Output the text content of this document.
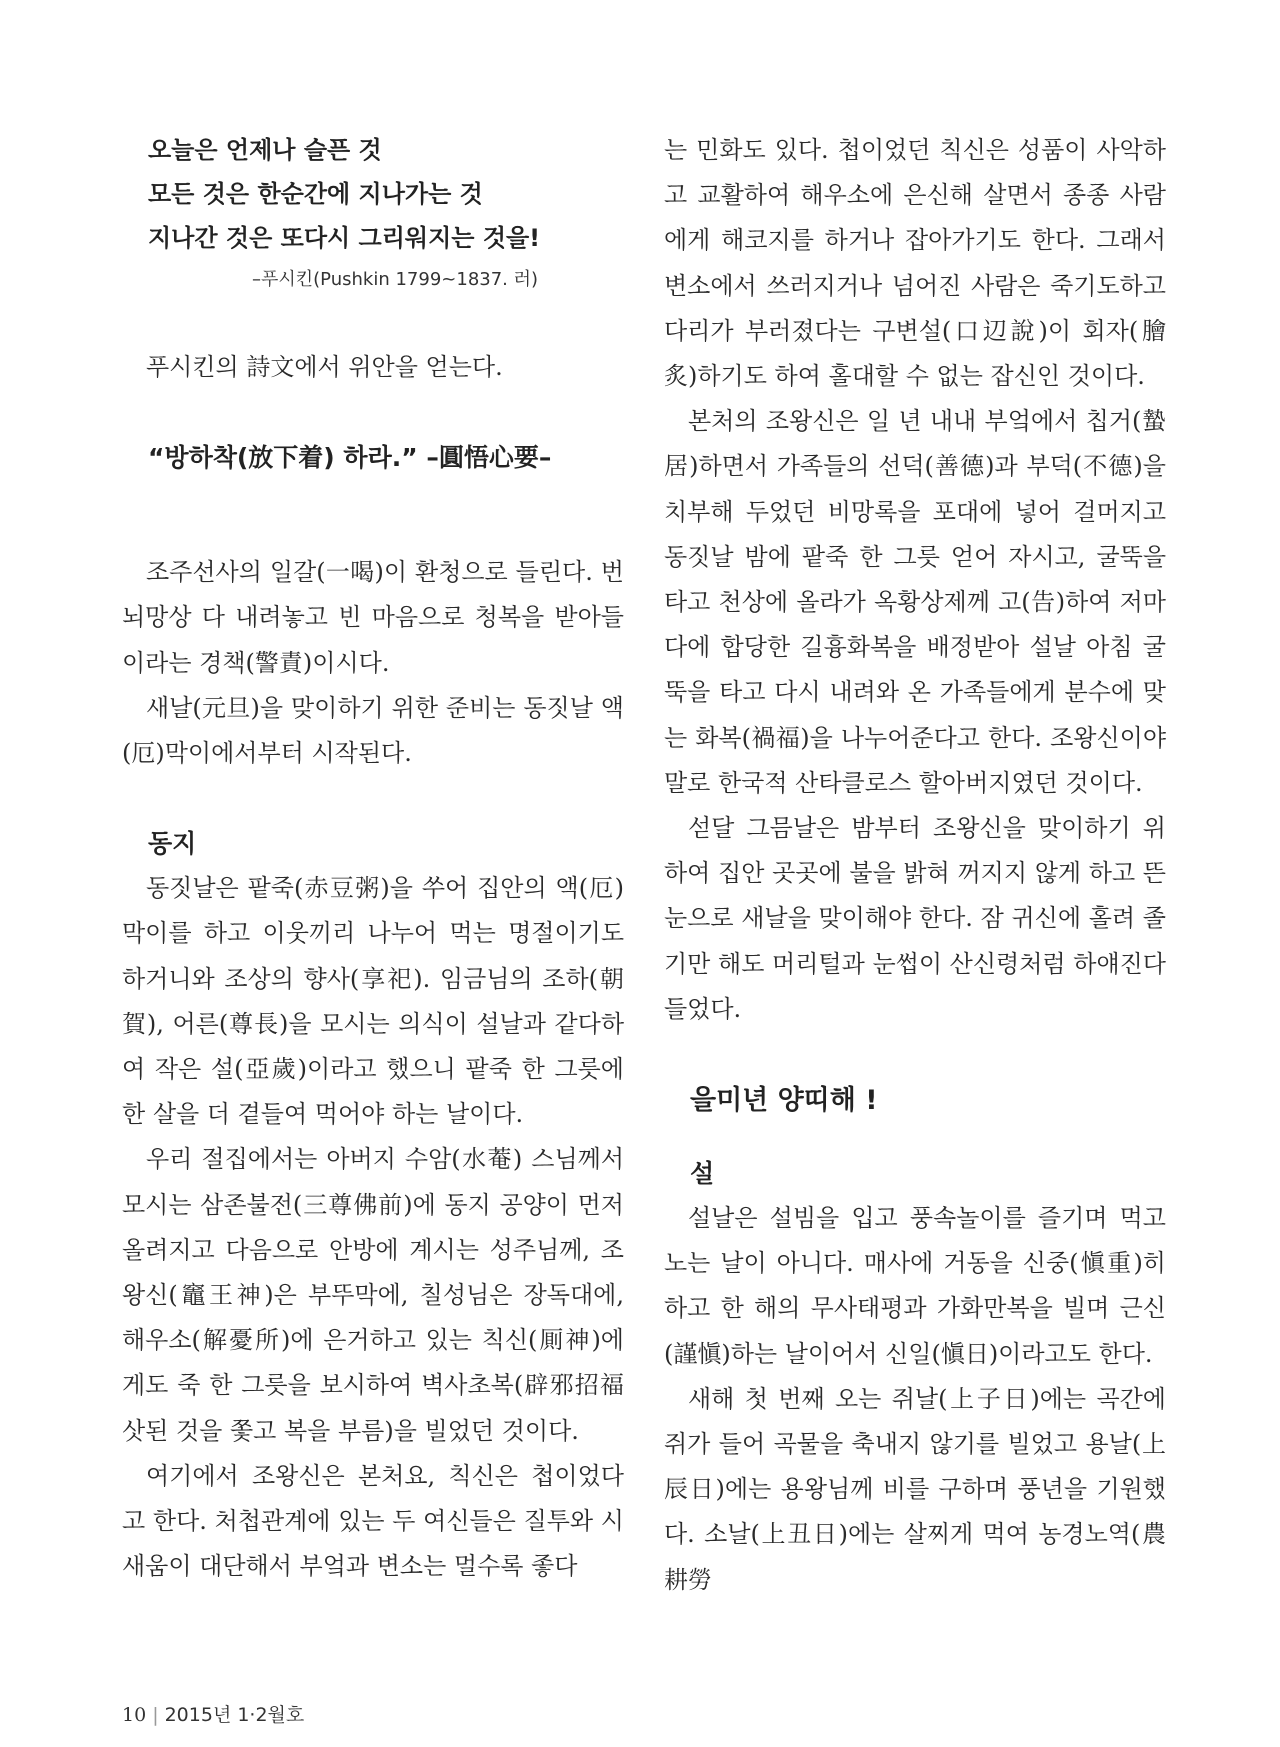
오늘은 언제나 슬픈 것
모든 것은 한순간에 지나가는 것
지나간 것은 또다시 그리워지는 것을!
–푸시킨(Pushkin 1799~1837. 러)
푸시킨의 詩文에서 위안을 얻는다.
“방하착(放下着) 하라.” –圓悟心要–
조주선사의 일갈(一喝)이 환청으로 들린다. 번뇌망상 다 내려놓고 빈 마음으로 청복을 받아들이라는 경책(警責)이시다.
새날(元旦)을 맞이하기 위한 준비는 동짓날 액(厄)막이에서부터 시작된다.
동지
동짓날은 팥죽(赤豆粥)을 쑤어 집안의 액(厄)막이를 하고 이웃끼리 나누어 먹는 명절이기도 하거니와 조상의 향사(享祀). 임금님의 조하(朝賀), 어른(尊長)을 모시는 의식이 설날과 같다하여 작은 설(亞歲)이라고 했으니 팥죽 한 그릇에 한 살을 더 곁들여 먹어야 하는 날이다.
우리 절집에서는 아버지 수암(水菴) 스님께서 모시는 삼존불전(三尊佛前)에 동지 공양이 먼저 올려지고 다음으로 안방에 계시는 성주님께, 조왕신(竈王神)은 부뚜막에, 칠성님은 장독대에, 해우소(解憂所)에 은거하고 있는 칙신(厠神)에게도 죽 한 그릇을 보시하여 벽사초복(辟邪招福 삿된 것을 쫓고 복을 부름)을 빌었던 것이다.
여기에서 조왕신은 본처요, 칙신은 첩이었다고 한다. 처첩관계에 있는 두 여신들은 질투와 시새움이 대단해서 부엌과 변소는 멀수록 좋다
는 민화도 있다. 첩이었던 칙신은 성품이 사악하고 교활하여 해우소에 은신해 살면서 종종 사람에게 해코지를 하거나 잡아가기도 한다. 그래서 변소에서 쓰러지거나 넘어진 사람은 죽기도하고 다리가 부러졌다는 구변설(口辺說)이 회자(膾炙)하기도 하여 홀대할 수 없는 잡신인 것이다.
본처의 조왕신은 일 년 내내 부엌에서 칩거(蟄居)하면서 가족들의 선덕(善德)과 부덕(不德)을 치부해 두었던 비망록을 포대에 넣어 걸머지고 동짓날 밤에 팥죽 한 그릇 얻어 자시고, 굴뚝을 타고 천상에 올라가 옥황상제께 고(告)하여 저마다에 합당한 길흉화복을 배정받아 설날 아침 굴뚝을 타고 다시 내려와 온 가족들에게 분수에 맞는 화복(禍福)을 나누어준다고 한다. 조왕신이야 말로 한국적 산타클로스 할아버지였던 것이다.
섣달 그믐날은 밤부터 조왕신을 맞이하기 위하여 집안 곳곳에 불을 밝혀 꺼지지 않게 하고 뜬 눈으로 새날을 맞이해야 한다. 잠 귀신에 홀려 졸기만 해도 머리털과 눈썹이 산신령처럼 하얘진다 들었다.
을미년 양띠해 !
설
설날은 설빔을 입고 풍속놀이를 즐기며 먹고 노는 날이 아니다. 매사에 거동을 신중(愼重)히 하고 한 해의 무사태평과 가화만복을 빌며 근신(謹愼)하는 날이어서 신일(愼日)이라고도 한다.
새해 첫 번째 오는 쥐날(上子日)에는 곡간에 쥐가 들어 곡물을 축내지 않기를 빌었고 용날(上辰日)에는 용왕님께 비를 구하며 풍년을 기원했다. 소날(上丑日)에는 살찌게 먹여 농경노역(農耕勞
10 | 2015년 1·2월호
